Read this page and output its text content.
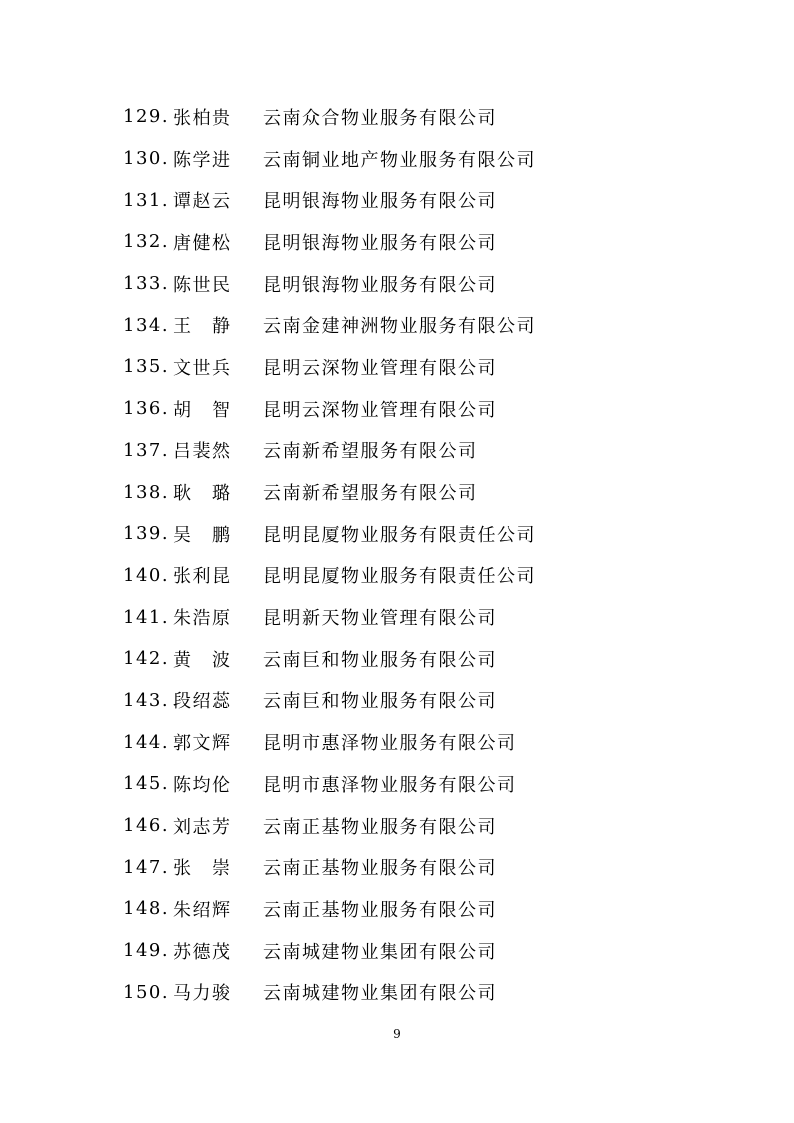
129. 张柏贵	云南众合物业服务有限公司
130. 陈学进	云南铜业地产物业服务有限公司
131. 谭赵云	昆明银海物业服务有限公司
132. 唐健松	昆明银海物业服务有限公司
133. 陈世民	昆明银海物业服务有限公司
134. 王　静	云南金建神洲物业服务有限公司
135. 文世兵	昆明云深物业管理有限公司
136. 胡　智	昆明云深物业管理有限公司
137. 吕裴然	云南新希望服务有限公司
138. 耿　璐	云南新希望服务有限公司
139. 吴　鹏	昆明昆厦物业服务有限责任公司
140. 张利昆	昆明昆厦物业服务有限责任公司
141. 朱浩原	昆明新天物业管理有限公司
142. 黄　波	云南巨和物业服务有限公司
143. 段绍蕊	云南巨和物业服务有限公司
144. 郭文辉	昆明市惠泽物业服务有限公司
145. 陈均伦	昆明市惠泽物业服务有限公司
146. 刘志芳	云南正基物业服务有限公司
147. 张　崇	云南正基物业服务有限公司
148. 朱绍辉	云南正基物业服务有限公司
149. 苏德茂	云南城建物业集团有限公司
150. 马力骏	云南城建物业集团有限公司
9
